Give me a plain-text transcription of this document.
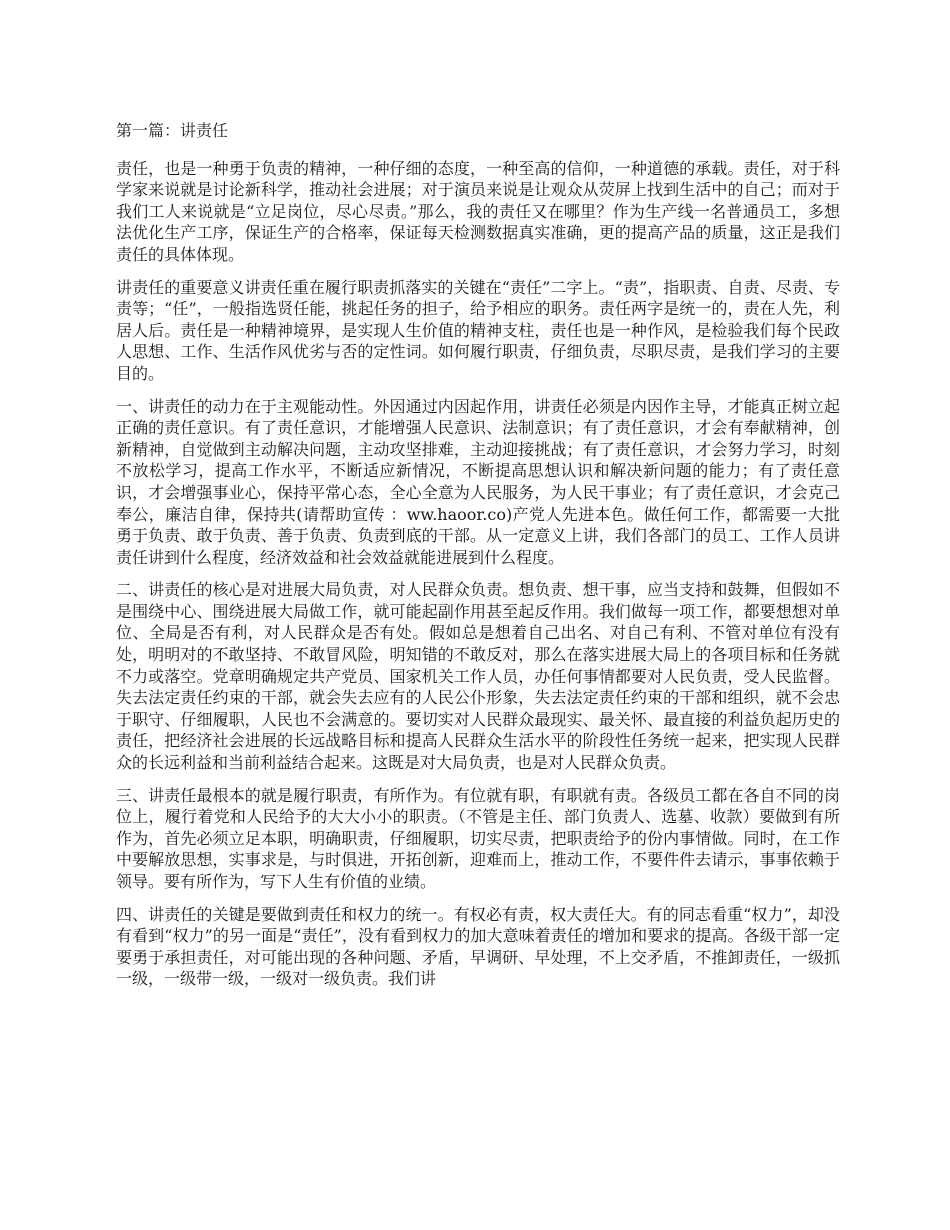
第一篇：讲责任

责任，也是一种勇于负责的精神，一种仔细的态度，一种至高的信仰，一种道德的承载。责任，对于科学家来说就是讨论新科学，推动社会进展；对于演员来说是让观众从荧屏上找到生活中的自己；而对于我们工人来说就是“立足岗位，尽心尽责。”那么，我的责任又在哪里？作为生产线一名普通员工，多想法优化生产工序，保证生产的合格率，保证每天检测数据真实准确，更的提高产品的质量，这正是我们责任的具体体现。

讲责任的重要意义讲责任重在履行职责抓落实的关键在“责任”二字上。“责”，指职责、自责、尽责、专责等；“任”，一般指选贤任能，挑起任务的担子，给予相应的职务。责任两字是统一的，责在人先，利居人后。责任是一种精神境界，是实现人生价值的精神支柱，责任也是一种作风，是检验我们每个民政人思想、工作、生活作风优劣与否的定性词。如何履行职责，仔细负责，尽职尽责，是我们学习的主要目的。

一、讲责任的动力在于主观能动性。外因通过内因起作用，讲责任必须是内因作主导，才能真正树立起正确的责任意识。有了责任意识，才能增强人民意识、法制意识；有了责任意识，才会有奉献精神，创新精神，自觉做到主动解决问题，主动攻坚排难，主动迎接挑战；有了责任意识，才会努力学习，时刻不放松学习，提高工作水平，不断适应新情况，不断提高思想认识和解决新问题的能力；有了责任意识，才会增强事业心，保持平常心态，全心全意为人民服务，为人民干事业；有了责任意识，才会克己奉公，廉洁自律，保持共(请帮助宣传 ：ww.haoor.co)产党人先进本色。做任何工作，都需要一大批勇于负责、敢于负责、善于负责、负责到底的干部。从一定意义上讲，我们各部门的员工、工作人员讲责任讲到什么程度，经济效益和社会效益就能进展到什么程度。

二、讲责任的核心是对进展大局负责，对人民群众负责。想负责、想干事，应当支持和鼓舞，但假如不是围绕中心、围绕进展大局做工作，就可能起副作用甚至起反作用。我们做每一项工作，都要想想对单位、全局是否有利，对人民群众是否有处。假如总是想着自己出名、对自己有利、不管对单位有没有处，明明对的不敢坚持、不敢冒风险，明知错的不敢反对，那么在落实进展大局上的各项目标和任务就不力或落空。党章明确规定共产党员、国家机关工作人员，办任何事情都要对人民负责，受人民监督。失去法定责任约束的干部，就会失去应有的人民公仆形象，失去法定责任约束的干部和组织，就不会忠于职守、仔细履职，人民也不会满意的。要切实对人民群众最现实、最关怀、最直接的利益负起历史的责任，把经济社会进展的长远战略目标和提高人民群众生活水平的阶段性任务统一起来，把实现人民群众的长远利益和当前利益结合起来。这既是对大局负责，也是对人民群众负责。

三、讲责任最根本的就是履行职责，有所作为。有位就有职，有职就有责。各级员工都在各自不同的岗位上，履行着党和人民给予的大大小小的职责。（不管是主任、部门负责人、选墓、收款）要做到有所作为，首先必须立足本职，明确职责，仔细履职，切实尽责，把职责给予的份内事情做。同时，在工作中要解放思想，实事求是，与时俱进，开拓创新，迎难而上，推动工作，不要件件去请示，事事依赖于领导。要有所作为，写下人生有价值的业绩。

四、讲责任的关键是要做到责任和权力的统一。有权必有责，权大责任大。有的同志看重“权力”，却没有看到“权力”的另一面是“责任”，没有看到权力的加大意味着责任的增加和要求的提高。各级干部一定要勇于承担责任，对可能出现的各种问题、矛盾，早调研、早处理，不上交矛盾，不推卸责任，一级抓一级，一级带一级，一级对一级负责。我们讲
